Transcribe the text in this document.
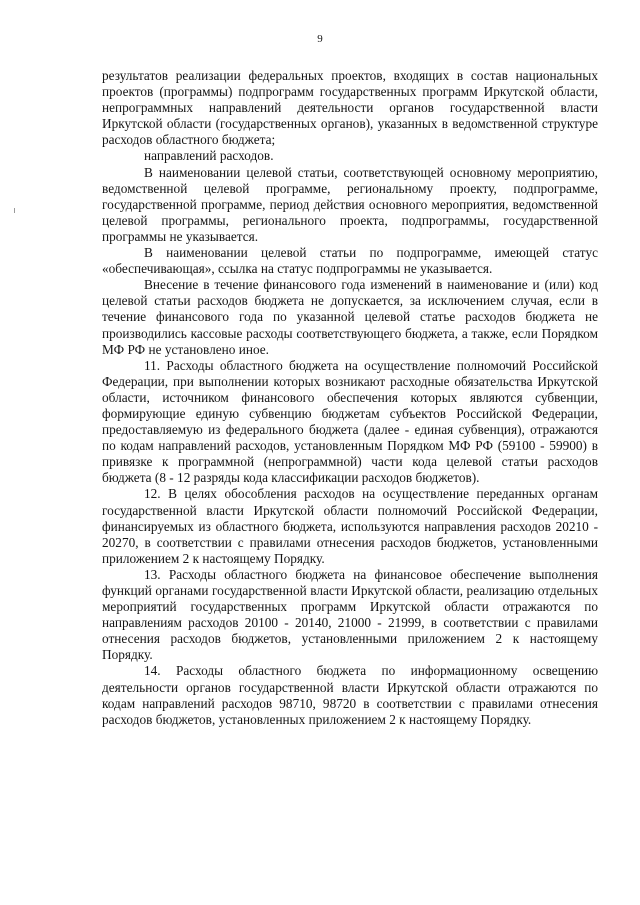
9

результатов реализации федеральных проектов, входящих в состав национальных проектов (программы) подпрограмм государственных программ Иркутской области, непрограммных направлений деятельности органов государственной власти Иркутской области (государственных органов), указанных в ведомственной структуре расходов областного бюджета;

направлений расходов.

В наименовании целевой статьи, соответствующей основному мероприятию, ведомственной целевой программе, региональному проекту, подпрограмме, государственной программе, период действия основного мероприятия, ведомственной целевой программы, регионального проекта, подпрограммы, государственной программы не указывается.

В наименовании целевой статьи по подпрограмме, имеющей статус «обеспечивающая», ссылка на статус подпрограммы не указывается.

Внесение в течение финансового года изменений в наименование и (или) код целевой статьи расходов бюджета не допускается, за исключением случая, если в течение финансового года по указанной целевой статье расходов бюджета не производились кассовые расходы соответствующего бюджета, а также, если Порядком МФ РФ не установлено иное.

11. Расходы областного бюджета на осуществление полномочий Российской Федерации, при выполнении которых возникают расходные обязательства Иркутской области, источником финансового обеспечения которых являются субвенции, формирующие единую субвенцию бюджетам субъектов Российской Федерации, предоставляемую из федерального бюджета (далее - единая субвенция), отражаются по кодам направлений расходов, установленным Порядком МФ РФ (59100 - 59900) в привязке к программной (непрограммной) части кода целевой статьи расходов бюджета (8 - 12 разряды кода классификации расходов бюджетов).

12. В целях обособления расходов на осуществление переданных органам государственной власти Иркутской области полномочий Российской Федерации, финансируемых из областного бюджета, используются направления расходов 20210 - 20270, в соответствии с правилами отнесения расходов бюджетов, установленными приложением 2 к настоящему Порядку.

13. Расходы областного бюджета на финансовое обеспечение выполнения функций органами государственной власти Иркутской области, реализацию отдельных мероприятий государственных программ Иркутской области отражаются по направлениям расходов 20100 - 20140, 21000 - 21999, в соответствии с правилами отнесения расходов бюджетов, установленными приложением 2 к настоящему Порядку.

14. Расходы областного бюджета по информационному освещению деятельности органов государственной власти Иркутской области отражаются по кодам направлений расходов 98710, 98720 в соответствии с правилами отнесения расходов бюджетов, установленных приложением 2 к настоящему Порядку.
